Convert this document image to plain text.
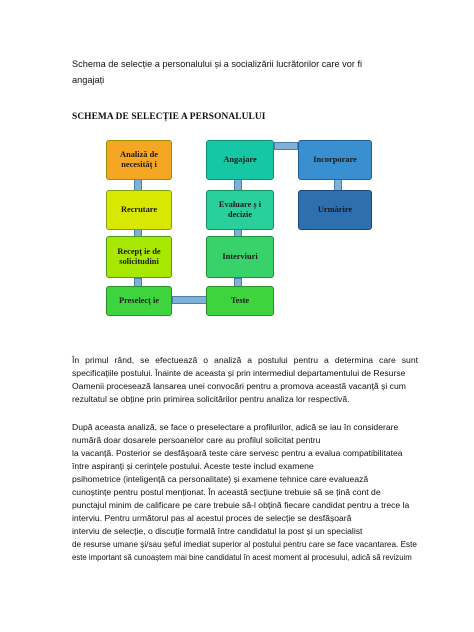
Schema de selecție a personalului și a socializării lucrătorilor care vor fi
angajați
SCHEMA DE SELECȚIE A PERSONALULUI
Analiză de necesităț i
Recrutare
Recepț ie de solicitudini
Preselecț ie
Angajare
Evaluare ș i decizie
Interviuri
Teste
Incorporare
Urmărire
În primul rând, se efectuează o analiză a postului pentru a determina care sunt
specificațiile postului. Înainte de aceasta și prin intermediul departamentului de Resurse
Oamenii procesează lansarea unei convocări pentru a promova această vacanță și cum
rezultatul se obține prin primirea solicitărilor pentru analiza lor respectivă.
După aceasta analiză, se face o preselectare a profilurilor, adică se iau în considerare
numără doar dosarele persoanelor care au profilul solicitat pentru
la vacanță. Posterior se desfășoară teste care servesc pentru a evalua compatibilitatea
între aspiranți și cerințele postului. Aceste teste includ examene
psihometrice (inteligență ca personalitate) și examene tehnice care evaluează
cunoștințe pentru postul menționat. În această secțiune trebuie să se țină cont de
punctajul minim de calificare pe care trebuie să-l obțină fiecare candidat pentru a trece la
interviu. Pentru următorul pas al acestui proces de selecție se desfășoară
interviu de selecție, o discuție formală între candidatul la post și un specialist
de resurse umane și/sau șeful imediat superior al postului pentru care se face vacantarea. Este
este important să cunoaștem mai bine candidatul în acest moment al procesului, adică să revizuim
